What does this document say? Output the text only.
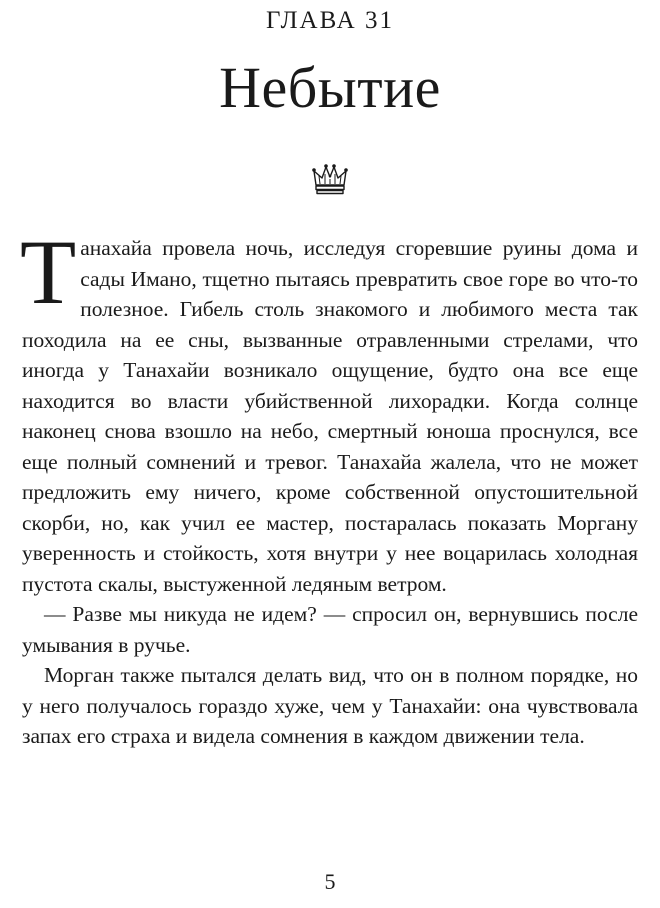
ГЛАВА 31
Небытие

Танахайа провела ночь, исследуя сгоревшие руины дома и сады Имано, тщетно пытаясь превратить свое горе во что-то полезное. Гибель столь знакомого и любимого места так походила на ее сны, вызванные отравленными стрелами, что иногда у Танахайи возникало ощущение, будто она все еще находится во власти убийственной лихорадки. Когда солнце наконец снова взошло на небо, смертный юноша проснулся, все еще полный сомнений и тревог. Танахайа жалела, что не может предложить ему ничего, кроме собственной опустошительной скорби, но, как учил ее мастер, постаралась показать Моргану уверенность и стойкость, хотя внутри у нее воцарилась холодная пустота скалы, выстуженной ледяным ветром.

— Разве мы никуда не идем? — спросил он, вернувшись после умывания в ручье.

Морган также пытался делать вид, что он в полном порядке, но у него получалось гораздо хуже, чем у Танахайи: она чувствовала запах его страха и видела сомнения в каждом движении тела.

5
